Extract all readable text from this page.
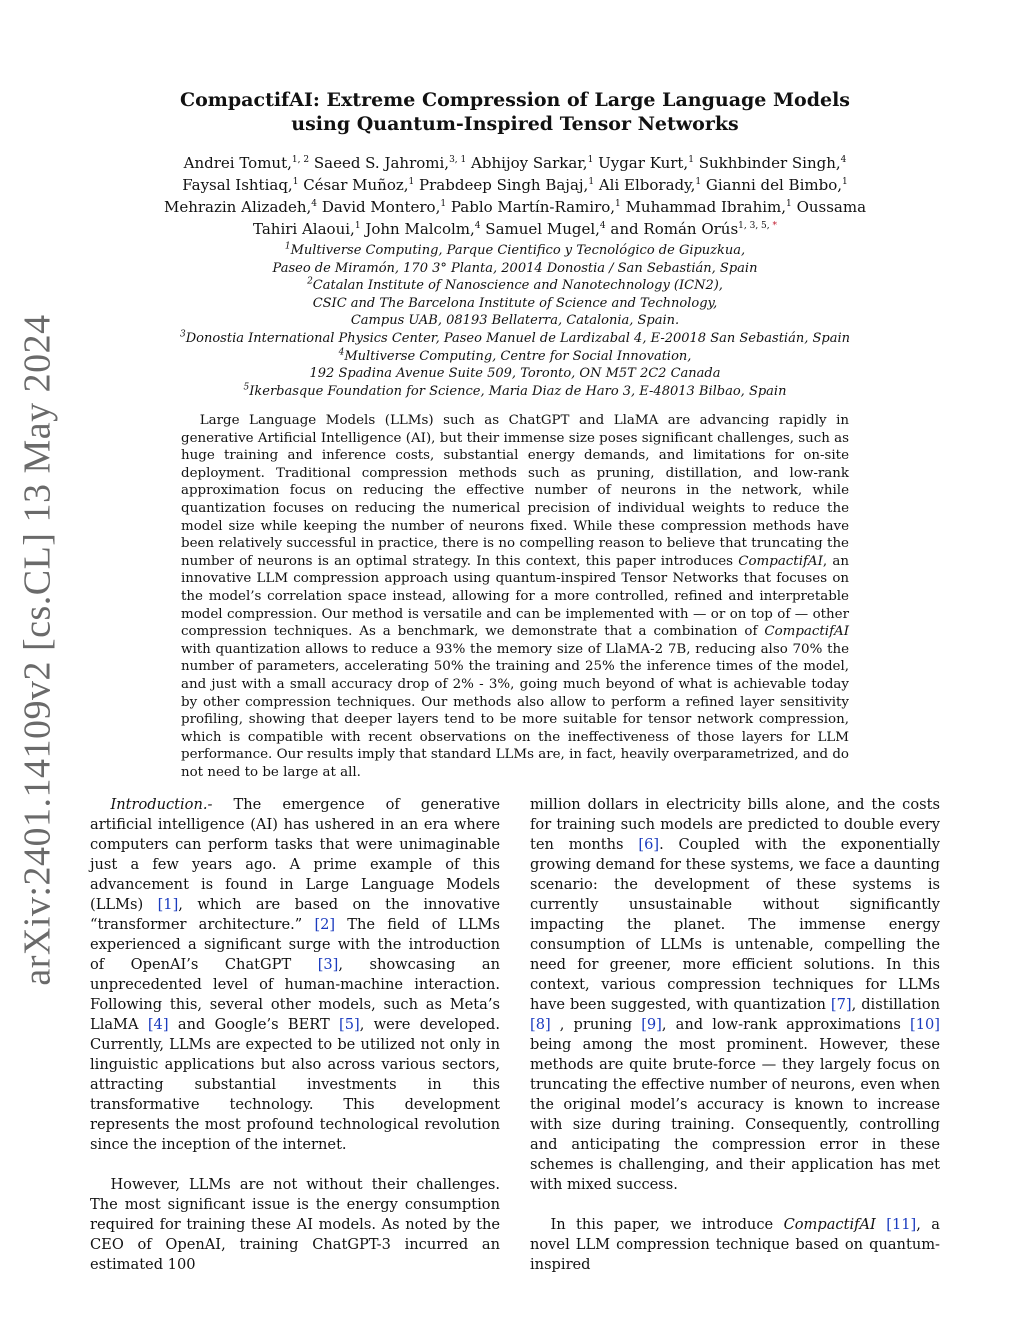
arXiv:2401.14109v2 [cs.CL] 13 May 2024
CompactifAI: Extreme Compression of Large Language Models
using Quantum-Inspired Tensor Networks
Andrei Tomut,$^{1, 2}$ Saeed S. Jahromi,$^{3, 1}$ Abhijoy Sarkar,$^1$ Uygar Kurt,$^1$ Sukhbinder Singh,$^4$ Faysal Ishtiaq,$^1$ César Muñoz,$^1$ Prabdeep Singh Bajaj,$^1$ Ali Elborady,$^1$ Gianni del Bimbo,$^1$ Mehrazin Alizadeh,$^4$ David Montero,$^1$ Pablo Martín-Ramiro,$^1$ Muhammad Ibrahim,$^1$ Oussama Tahiri Alaoui,$^1$ John Malcolm,$^4$ Samuel Mugel,$^4$ and Román Orús$^{1, 3, 5, *}$
$^1$Multiverse Computing, Parque Cientifico y Tecnológico de Gipuzkua,
Paseo de Miramón, 170 3° Planta, 20014 Donostia / San Sebastián, Spain
$^2$Catalan Institute of Nanoscience and Nanotechnology (ICN2),
CSIC and The Barcelona Institute of Science and Technology,
Campus UAB, 08193 Bellaterra, Catalonia, Spain.
$^3$Donostia International Physics Center, Paseo Manuel de Lardizabal 4, E-20018 San Sebastián, Spain
$^4$Multiverse Computing, Centre for Social Innovation,
192 Spadina Avenue Suite 509, Toronto, ON M5T 2C2 Canada
$^5$Ikerbasque Foundation for Science, Maria Diaz de Haro 3, E-48013 Bilbao, Spain

Large Language Models (LLMs) such as ChatGPT and LlaMA are advancing rapidly in generative Artificial Intelligence (AI), but their immense size poses significant challenges, such as huge training and inference costs, substantial energy demands, and limitations for on-site deployment. Traditional compression methods such as pruning, distillation, and low-rank approximation focus on reducing the effective number of neurons in the network, while quantization focuses on reducing the numerical precision of individual weights to reduce the model size while keeping the number of neurons fixed. While these compression methods have been relatively successful in practice, there is no compelling reason to believe that truncating the number of neurons is an optimal strategy. In this context, this paper introduces CompactifAI, an innovative LLM compression approach using quantum-inspired Tensor Networks that focuses on the model’s correlation space instead, allowing for a more controlled, refined and interpretable model compression. Our method is versatile and can be implemented with — or on top of — other compression techniques. As a benchmark, we demonstrate that a combination of CompactifAI with quantization allows to reduce a 93% the memory size of LlaMA-2 7B, reducing also 70% the number of parameters, accelerating 50% the training and 25% the inference times of the model, and just with a small accuracy drop of 2% - 3%, going much beyond of what is achievable today by other compression techniques. Our methods also allow to perform a refined layer sensitivity profiling, showing that deeper layers tend to be more suitable for tensor network compression, which is compatible with recent observations on the ineffectiveness of those layers for LLM performance. Our results imply that standard LLMs are, in fact, heavily overparametrized, and do not need to be large at all.

Introduction.- The emergence of generative artificial intelligence (AI) has ushered in an era where computers can perform tasks that were unimaginable just a few years ago. A prime example of this advancement is found in Large Language Models (LLMs) [1], which are based on the innovative “transformer architecture.” [2] The field of LLMs experienced a significant surge with the introduction of OpenAI’s ChatGPT [3], showcasing an unprecedented level of human-machine interaction. Following this, several other models, such as Meta’s LlaMA [4] and Google’s BERT [5], were developed. Currently, LLMs are expected to be utilized not only in linguistic applications but also across various sectors, attracting substantial investments in this transformative technology. This development represents the most profound technological revolution since the inception of the internet.

However, LLMs are not without their challenges. The most significant issue is the energy consumption required for training these AI models. As noted by the CEO of OpenAI, training ChatGPT-3 incurred an estimated 100

million dollars in electricity bills alone, and the costs for training such models are predicted to double every ten months [6]. Coupled with the exponentially growing demand for these systems, we face a daunting scenario: the development of these systems is currently unsustainable without significantly impacting the planet. The immense energy consumption of LLMs is untenable, compelling the need for greener, more efficient solutions. In this context, various compression techniques for LLMs have been suggested, with quantization [7], distillation [8] , pruning [9], and low-rank approximations [10] being among the most prominent. However, these methods are quite brute-force — they largely focus on truncating the effective number of neurons, even when the original model’s accuracy is known to increase with size during training. Consequently, controlling and anticipating the compression error in these schemes is challenging, and their application has met with mixed success.

In this paper, we introduce CompactifAI [11], a novel LLM compression technique based on quantum-inspired
